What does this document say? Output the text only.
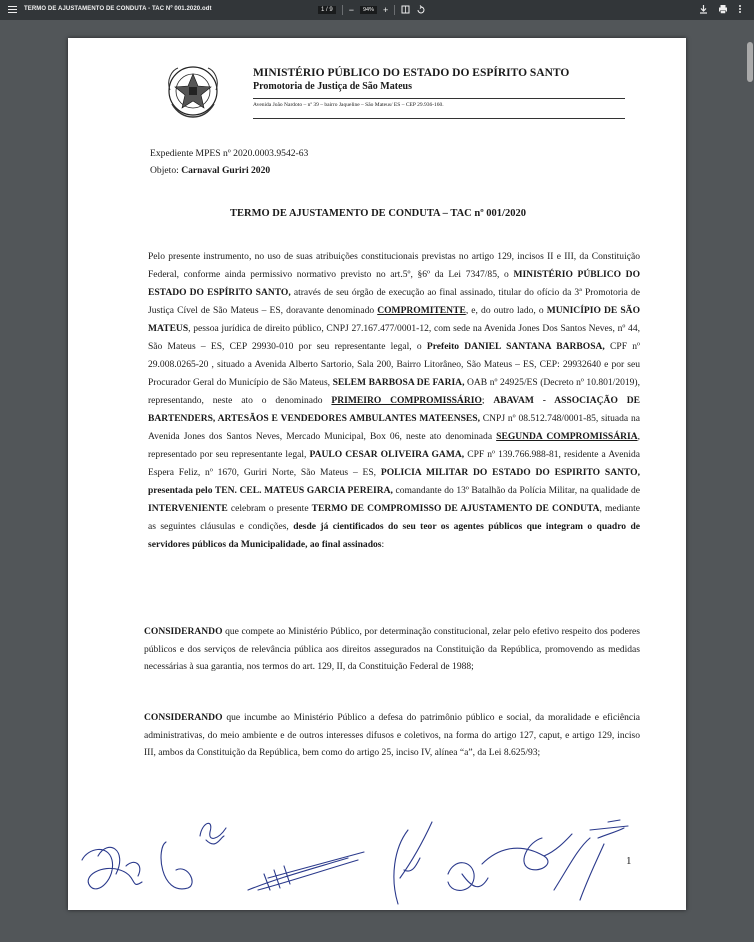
TERMO DE AJUSTAMENTO DE CONDUTA - TAC Nº 001.2020.odt	1 / 9	−	94%	+
MINISTÉRIO PÚBLICO DO ESTADO DO ESPÍRITO SANTO
Promotoria de Justiça de São Mateus
Avenida João Nardoto – nº 39 – bairro Jaqueline – São Mateus/ ES – CEP 29.936-160.
Expediente MPES nº 2020.0003.9542-63
Objeto: Carnaval Guriri 2020
TERMO DE AJUSTAMENTO DE CONDUTA – TAC nº 001/2020
Pelo presente instrumento, no uso de suas atribuições constitucionais previstas no artigo 129, incisos II e III, da Constituição Federal, conforme ainda permissivo normativo previsto no art.5º, §6º da Lei 7347/85, o MINISTÉRIO PÚBLICO DO ESTADO DO ESPÍRITO SANTO, através de seu órgão de execução ao final assinado, titular do ofício da 3ª Promotoria de Justiça Cível de São Mateus – ES, doravante denominado COMPROMITENTE, e, do outro lado, o MUNICÍPIO DE SÃO MATEUS, pessoa jurídica de direito público, CNPJ 27.167.477/0001-12, com sede na Avenida Jones Dos Santos Neves, nº 44, São Mateus – ES, CEP 29930-010 por seu representante legal, o Prefeito DANIEL SANTANA BARBOSA, CPF nº 29.008.0265-20 , situado a Avenida Alberto Sartorio, Sala 200, Bairro Litorâneo, São Mateus – ES, CEP: 29932640 e por seu Procurador Geral do Município de São Mateus, SELEM BARBOSA DE FARIA, OAB nº 24925/ES (Decreto nº 10.801/2019), representando, neste ato o denominado PRIMEIRO COMPROMISSÁRIO; ABAVAM - ASSOCIAÇÃO DE BARTENDERS, ARTESÃOS E VENDEDORES AMBULANTES MATEENSES, CNPJ nº 08.512.748/0001-85, situada na Avenida Jones dos Santos Neves, Mercado Municipal, Box 06, neste ato denominada SEGUNDA COMPROMISSÁRIA, representado por seu representante legal, PAULO CESAR OLIVEIRA GAMA, CPF nº 139.766.988-81, residente a Avenida Espera Feliz, nº 1670, Guriri Norte, São Mateus – ES, POLICIA MILITAR DO ESTADO DO ESPIRITO SANTO, presentada pelo TEN. CEL. MATEUS GARCIA PEREIRA, comandante do 13º Batalhão da Polícia Militar, na qualidade de INTERVENIENTE celebram o presente TERMO DE COMPROMISSO DE AJUSTAMENTO DE CONDUTA, mediante as seguintes cláusulas e condições, desde já cientificados do seu teor os agentes públicos que integram o quadro de servidores públicos da Municipalidade, ao final assinados:
CONSIDERANDO que compete ao Ministério Público, por determinação constitucional, zelar pelo efetivo respeito dos poderes públicos e dos serviços de relevância pública aos direitos assegurados na Constituição da República, promovendo as medidas necessárias à sua garantia, nos termos do art. 129, II, da Constituição Federal de 1988;
CONSIDERANDO que incumbe ao Ministério Público a defesa do patrimônio público e social, da moralidade e eficiência administrativas, do meio ambiente e de outros interesses difusos e coletivos, na forma do artigo 127, caput, e artigo 129, inciso III, ambos da Constituição da República, bem como do artigo 25, inciso IV, alínea “a”, da Lei 8.625/93;
1
